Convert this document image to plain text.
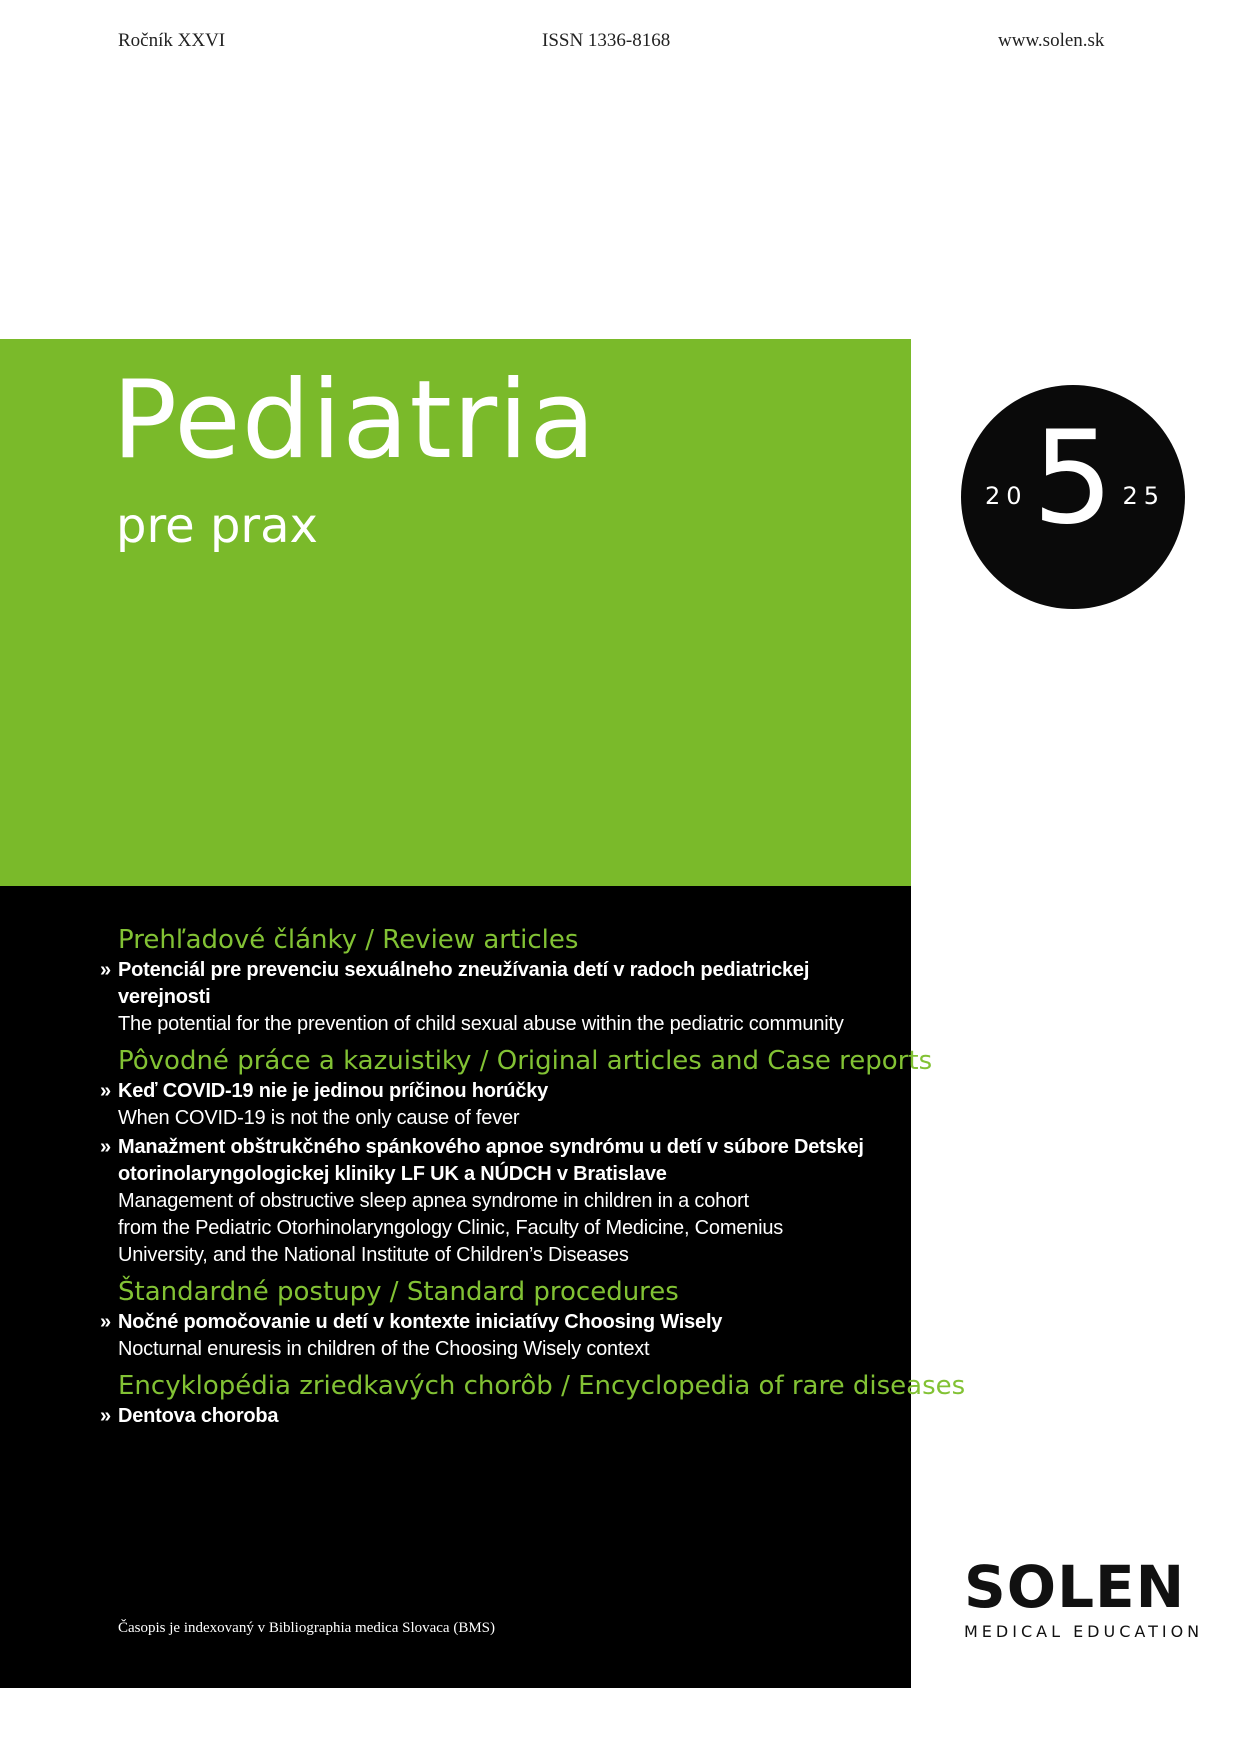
Ročník XXVI	ISSN 1336-8168	www.solen.sk
Pediatria
pre prax
20 5 25
Prehľadové články / Review articles
» Potenciál pre prevenciu sexuálneho zneužívania detí v radoch pediatrickej verejnosti
The potential for the prevention of child sexual abuse within the pediatric community
Pôvodné práce a kazuistiky / Original articles and Case reports
» Keď COVID-19 nie je jedinou príčinou horúčky
When COVID-19 is not the only cause of fever
» Manažment obštrukčného spánkového apnoe syndrómu u detí v súbore Detskej
otorinolaryngologickej kliniky LF UK a NÚDCH v Bratislave
Management of obstructive sleep apnea syndrome in children in a cohort
from the Pediatric Otorhinolaryngology Clinic, Faculty of Medicine, Comenius
University, and the National Institute of Children’s Diseases
Štandardné postupy / Standard procedures
» Nočné pomočovanie u detí v kontexte iniciatívy Choosing Wisely
Nocturnal enuresis in children of the Choosing Wisely context
Encyklopédia zriedkavých chorôb / Encyclopedia of rare diseases
» Dentova choroba
Časopis je indexovaný v Bibliographia medica Slovaca (BMS)
SOLEN
MEDICAL EDUCATION
